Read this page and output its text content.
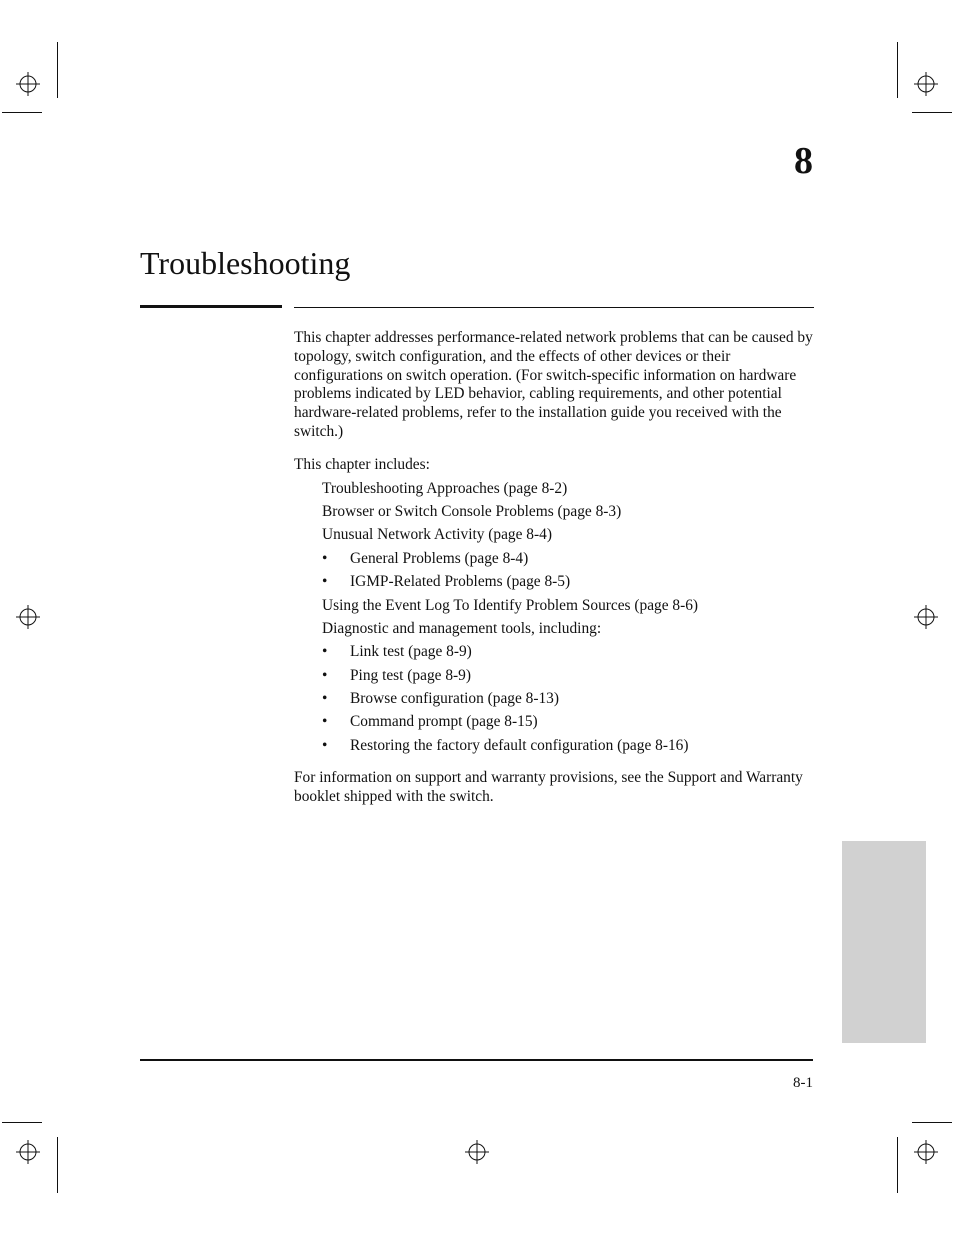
8
Troubleshooting

This chapter addresses performance-related network problems that can be caused by topology, switch configuration, and the effects of other devices or their configurations on switch operation. (For switch-specific information on hardware problems indicated by LED behavior, cabling requirements, and other potential hardware-related problems, refer to the installation guide you received with the switch.)

This chapter includes:

Troubleshooting Approaches (page 8-2)
Browser or Switch Console Problems (page 8-3)
Unusual Network Activity (page 8-4)
• General Problems (page 8-4)
• IGMP-Related Problems (page 8-5)
Using the Event Log To Identify Problem Sources (page 8-6)
Diagnostic and management tools, including:
• Link test (page 8-9)
• Ping test (page 8-9)
• Browse configuration (page 8-13)
• Command prompt (page 8-15)
• Restoring the factory default configuration (page 8-16)

For information on support and warranty provisions, see the Support and Warranty booklet shipped with the switch.

8-1
